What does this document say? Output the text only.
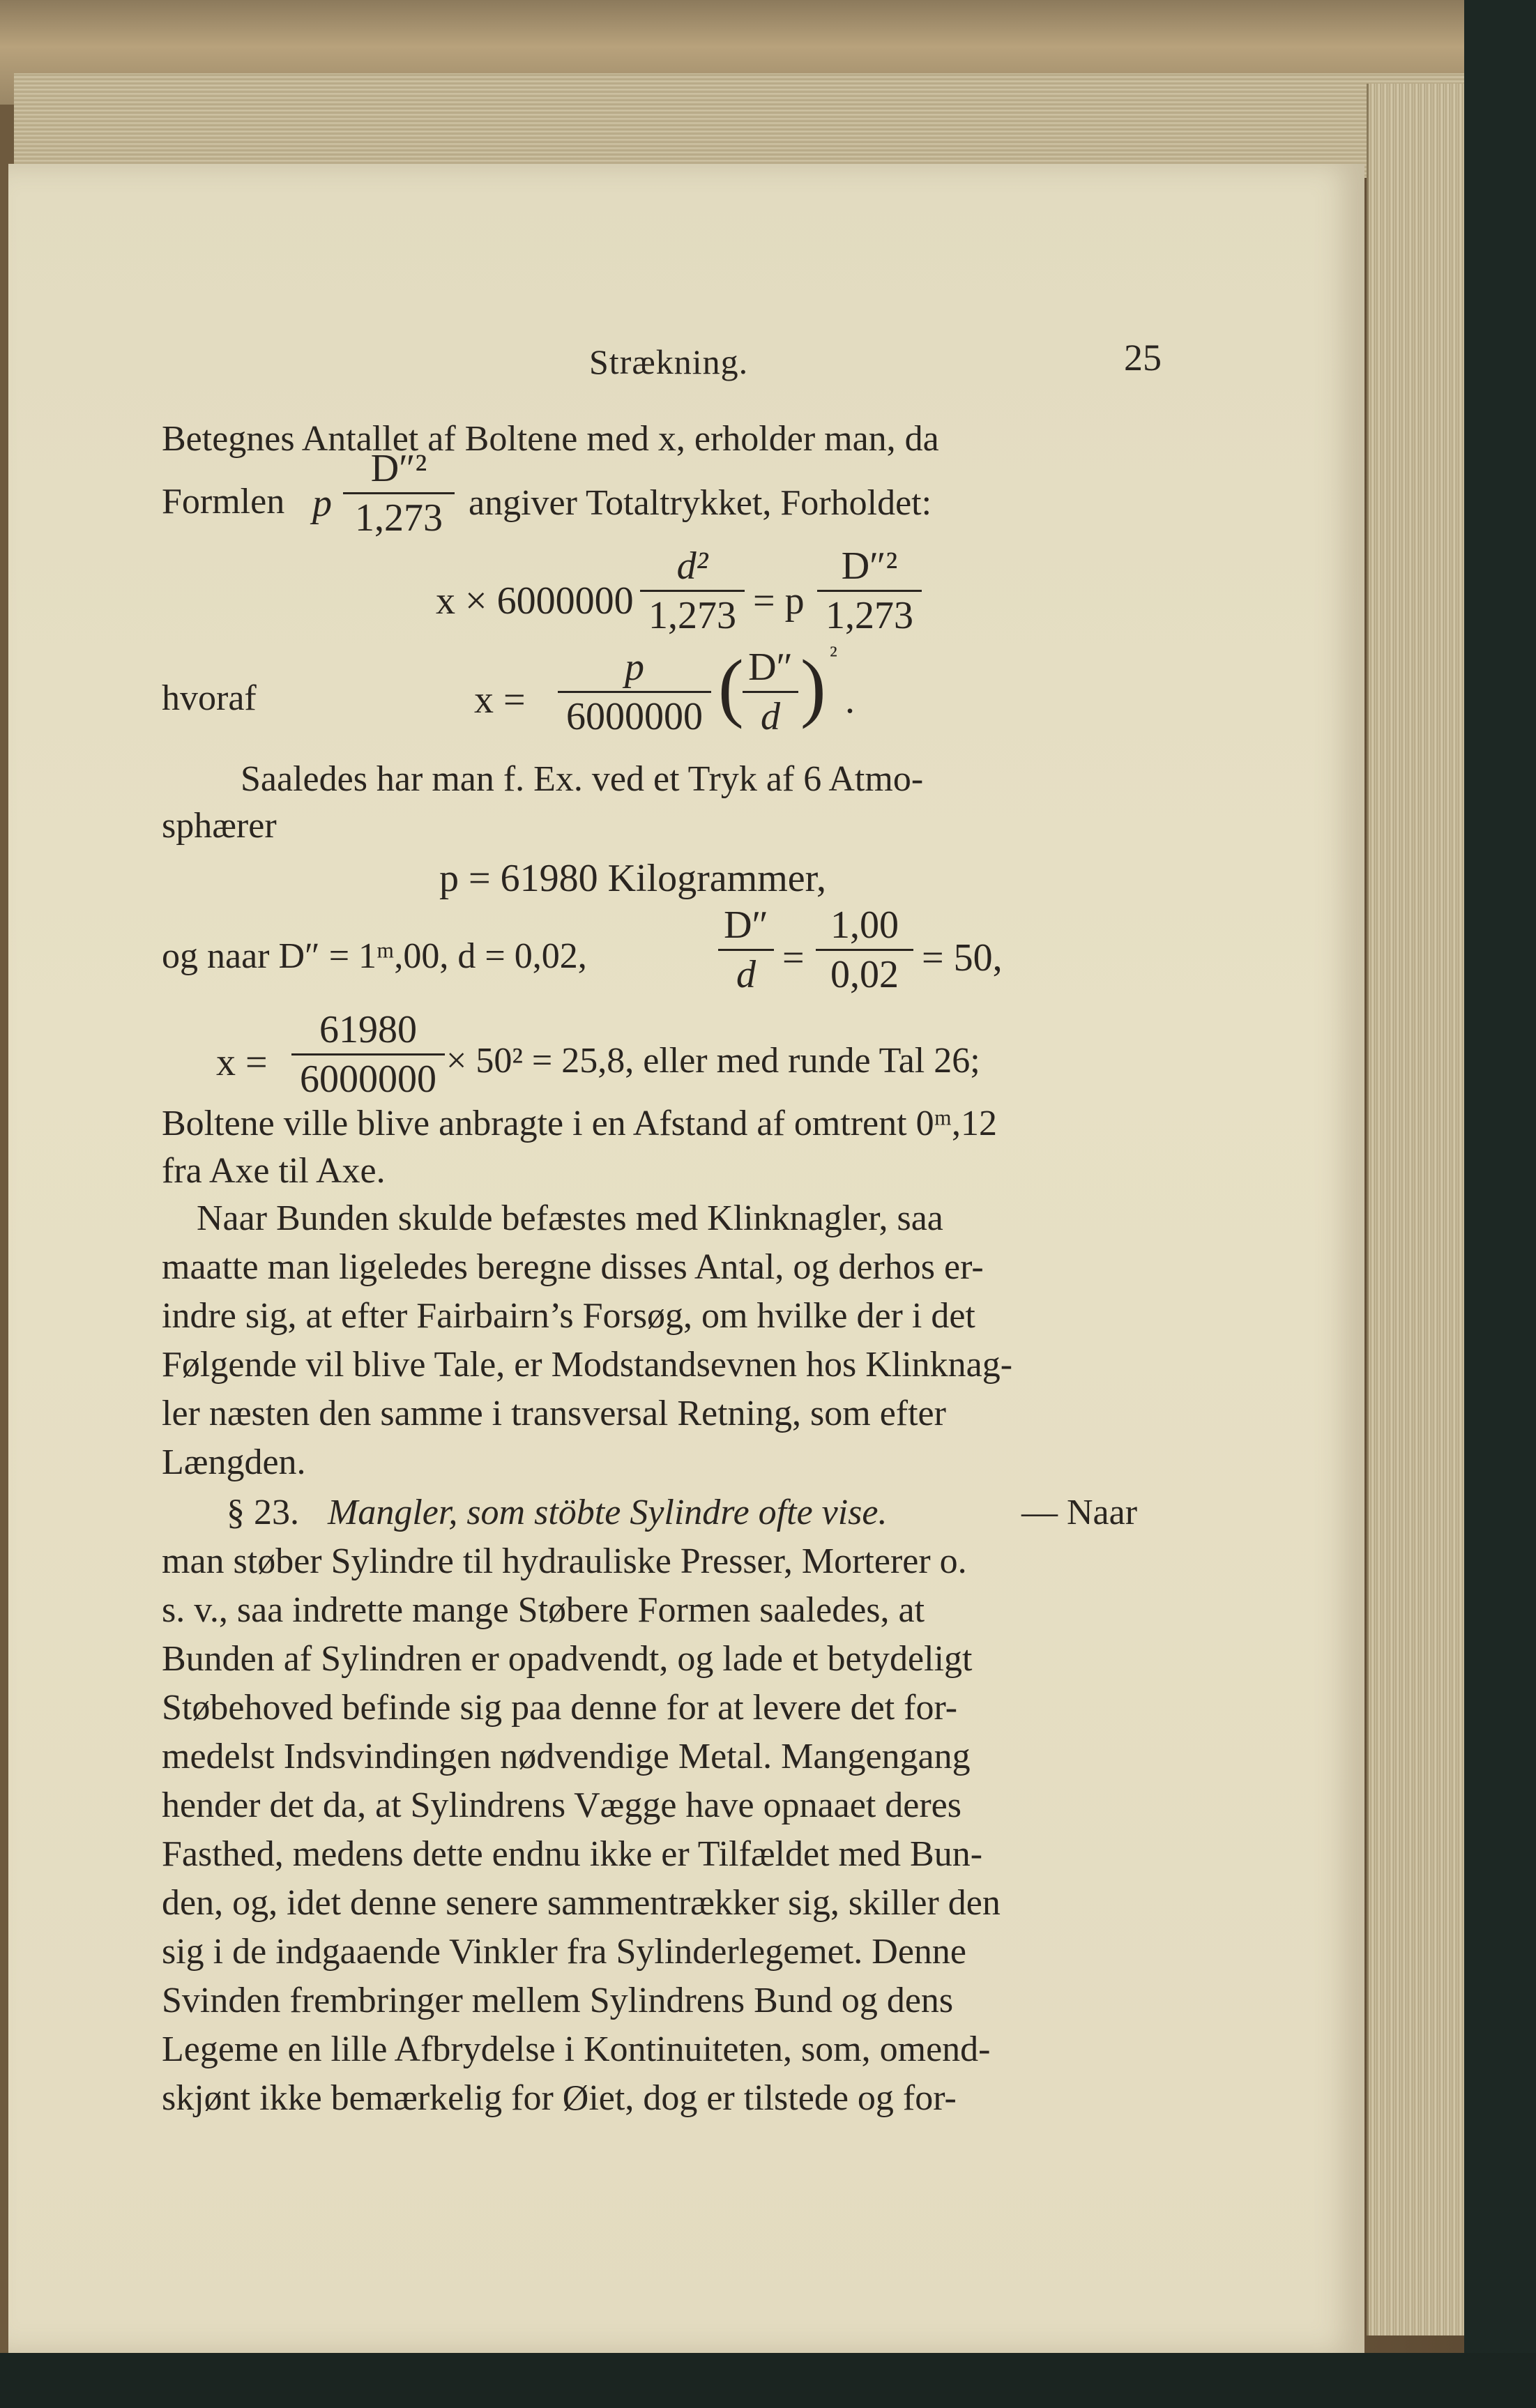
Strækning.	25
Betegnes Antallet af Boltene med x, erholder man, da
Formlen p
D″²
1,273 angiver Totaltrykket, Forholdet:
x × 6000000
d²
1,273 = p
D″²
1,273
hvoraf	x =
p
6000000 ( D″
d ) ²
.
Saaledes har man f. Ex. ved et Tryk af 6 Atmo-
sphærer
p = 61980 Kilogrammer,
og naar D″ = 1ᵐ,00, d = 0,02,
D″
d =
1,00
0,02 = 50,
x =
61980
6000000 × 50² = 25,8, eller med runde Tal 26;
Boltene ville blive anbragte i en Afstand af omtrent 0ᵐ,12
fra Axe til Axe.
Naar Bunden skulde befæstes med Klinknagler, saa
maatte man ligeledes beregne disses Antal, og derhos er-
indre sig, at efter Fairbairn’s Forsøg, om hvilke der i det
Følgende vil blive Tale, er Modstandsevnen hos Klinknag-
ler næsten den samme i transversal Retning, som efter
Længden.
§ 23. Mangler, som stöbte Sylindre ofte vise.	— Naar
man støber Sylindre til hydrauliske Presser, Morterer o.
s. v., saa indrette mange Støbere Formen saaledes, at
Bunden af Sylindren er opadvendt, og lade et betydeligt
Støbehoved befinde sig paa denne for at levere det for-
medelst Indsvindingen nødvendige Metal. Mangengang
hender det da, at Sylindrens Vægge have opnaaet deres
Fasthed, medens dette endnu ikke er Tilfældet med Bun-
den, og, idet denne senere sammentrækker sig, skiller den
sig i de indgaaende Vinkler fra Sylinderlegemet. Denne
Svinden frembringer mellem Sylindrens Bund og dens
Legeme en lille Afbrydelse i Kontinuiteten, som, omend-
skjønt ikke bemærkelig for Øiet, dog er tilstede og for-
